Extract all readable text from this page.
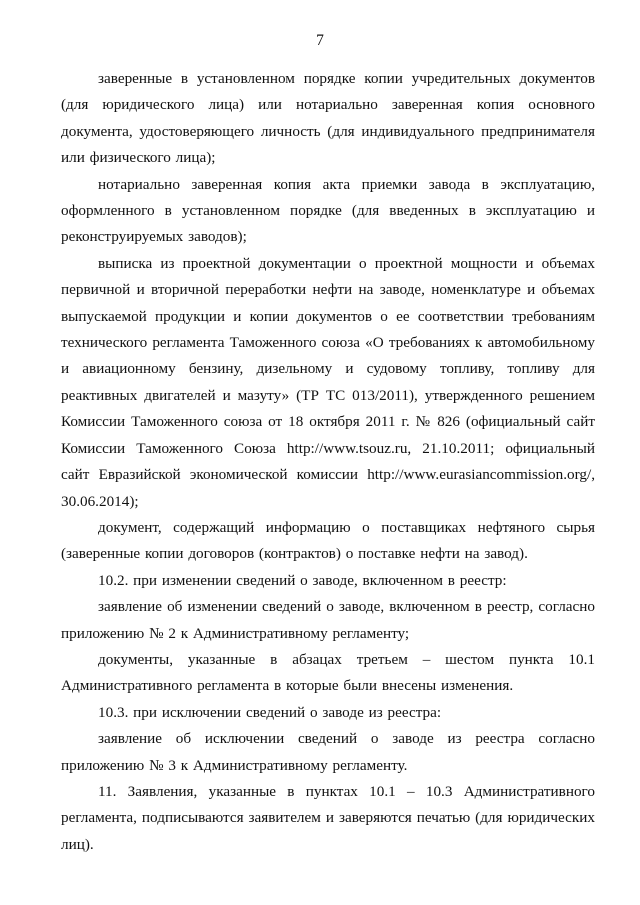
7

заверенные в установленном порядке копии учредительных документов (для юридического лица) или нотариально заверенная копия основного документа, удостоверяющего личность (для индивидуального предпринимателя или физического лица);

нотариально заверенная копия акта приемки завода в эксплуатацию, оформленного в установленном порядке (для введенных в эксплуатацию и реконструируемых заводов);

выписка из проектной документации о проектной мощности и объемах первичной и вторичной переработки нефти на заводе, номенклатуре и объемах выпускаемой продукции и копии документов о ее соответствии требованиям технического регламента Таможенного союза «О требованиях к автомобильному и авиационному бензину, дизельному и судовому топливу, топливу для реактивных двигателей и мазуту» (ТР ТС 013/2011), утвержденного решением Комиссии Таможенного союза от 18 октября 2011 г. № 826 (официальный сайт Комиссии Таможенного Союза http://www.tsouz.ru, 21.10.2011; официальный сайт Евразийской экономической комиссии http://www.eurasiancommission.org/, 30.06.2014);

документ, содержащий информацию о поставщиках нефтяного сырья (заверенные копии договоров (контрактов) о поставке нефти на завод).

10.2. при изменении сведений о заводе, включенном в реестр:

заявление об изменении сведений о заводе, включенном в реестр, согласно приложению № 2 к Административному регламенту;

документы, указанные в абзацах третьем – шестом пункта 10.1 Административного регламента в которые были внесены изменения.

10.3. при исключении сведений о заводе из реестра:

заявление об исключении сведений о заводе из реестра согласно приложению № 3 к Административному регламенту.

11. Заявления, указанные в пунктах 10.1 – 10.3 Административного регламента, подписываются заявителем и заверяются печатью (для юридических лиц).
